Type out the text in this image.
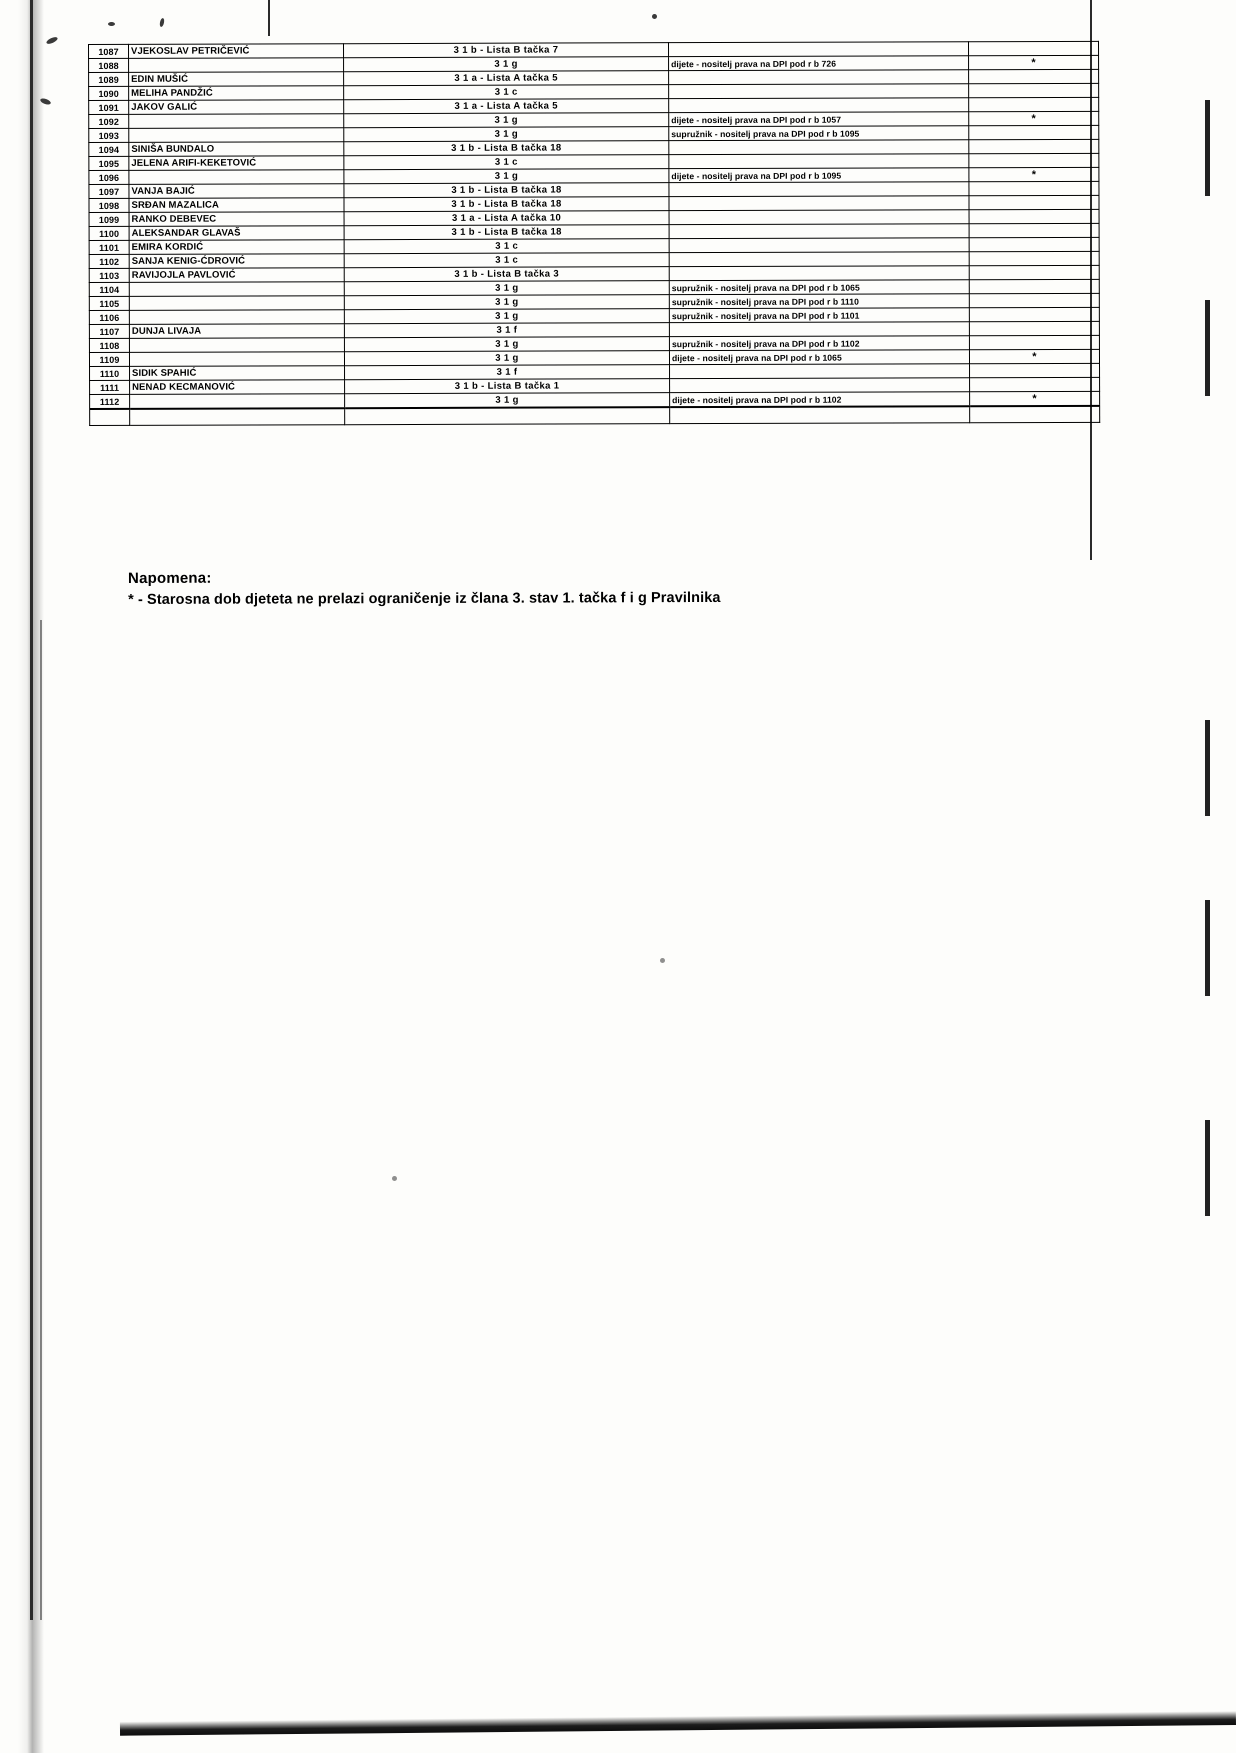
1087	VJEKOSLAV PETRIČEVIĆ	3 1 b - Lista B tačka 7		
1088		3 1 g	dijete - nositelj prava na DPI pod r b 726	*
1089	EDIN MUŠIĆ	3 1 a - Lista A tačka 5		
1090	MELIHA PANDŽIĆ	3 1 c		
1091	JAKOV GALIĆ	3 1 a - Lista A tačka 5		
1092		3 1 g	dijete - nositelj prava na DPI pod r b 1057	*
1093		3 1 g	supružnik - nositelj prava na DPI pod r b 1095	
1094	SINIŠA BUNDALO	3 1 b - Lista B tačka 18		
1095	JELENA ARIFI-KEKETOVIĆ	3 1 c		
1096		3 1 g	dijete - nositelj prava na DPI pod r b 1095	*
1097	VANJA BAJIĆ	3 1 b - Lista B tačka 18		
1098	SRĐAN MAZALICA	3 1 b - Lista B tačka 18		
1099	RANKO DEBEVEC	3 1 a - Lista A tačka 10		
1100	ALEKSANDAR GLAVAŠ	3 1 b - Lista B tačka 18		
1101	EMIRA KORDIĆ	3 1 c		
1102	SANJA KENIG-ĆDROVIĆ	3 1 c		
1103	RAVIJOJLA PAVLOVIĆ	3 1 b - Lista B tačka 3		
1104		3 1 g	supružnik - nositelj prava na DPI pod r b 1065	
1105		3 1 g	supružnik - nositelj prava na DPI pod r b 1110	
1106		3 1 g	supružnik - nositelj prava na DPI pod r b 1101	
1107	DUNJA LIVAJA	3 1 f		
1108		3 1 g	supružnik - nositelj prava na DPI pod r b 1102	
1109		3 1 g	dijete - nositelj prava na DPI pod r b 1065	*
1110	SIDIK SPAHIĆ	3 1 f		
1111	NENAD KECMANOVIĆ	3 1 b - Lista B tačka 1		
1112		3 1 g	dijete - nositelj prava na DPI pod r b 1102	*

Napomena:
* - Starosna dob djeteta ne prelazi ograničenje iz člana 3. stav 1. tačka f i g Pravilnika
